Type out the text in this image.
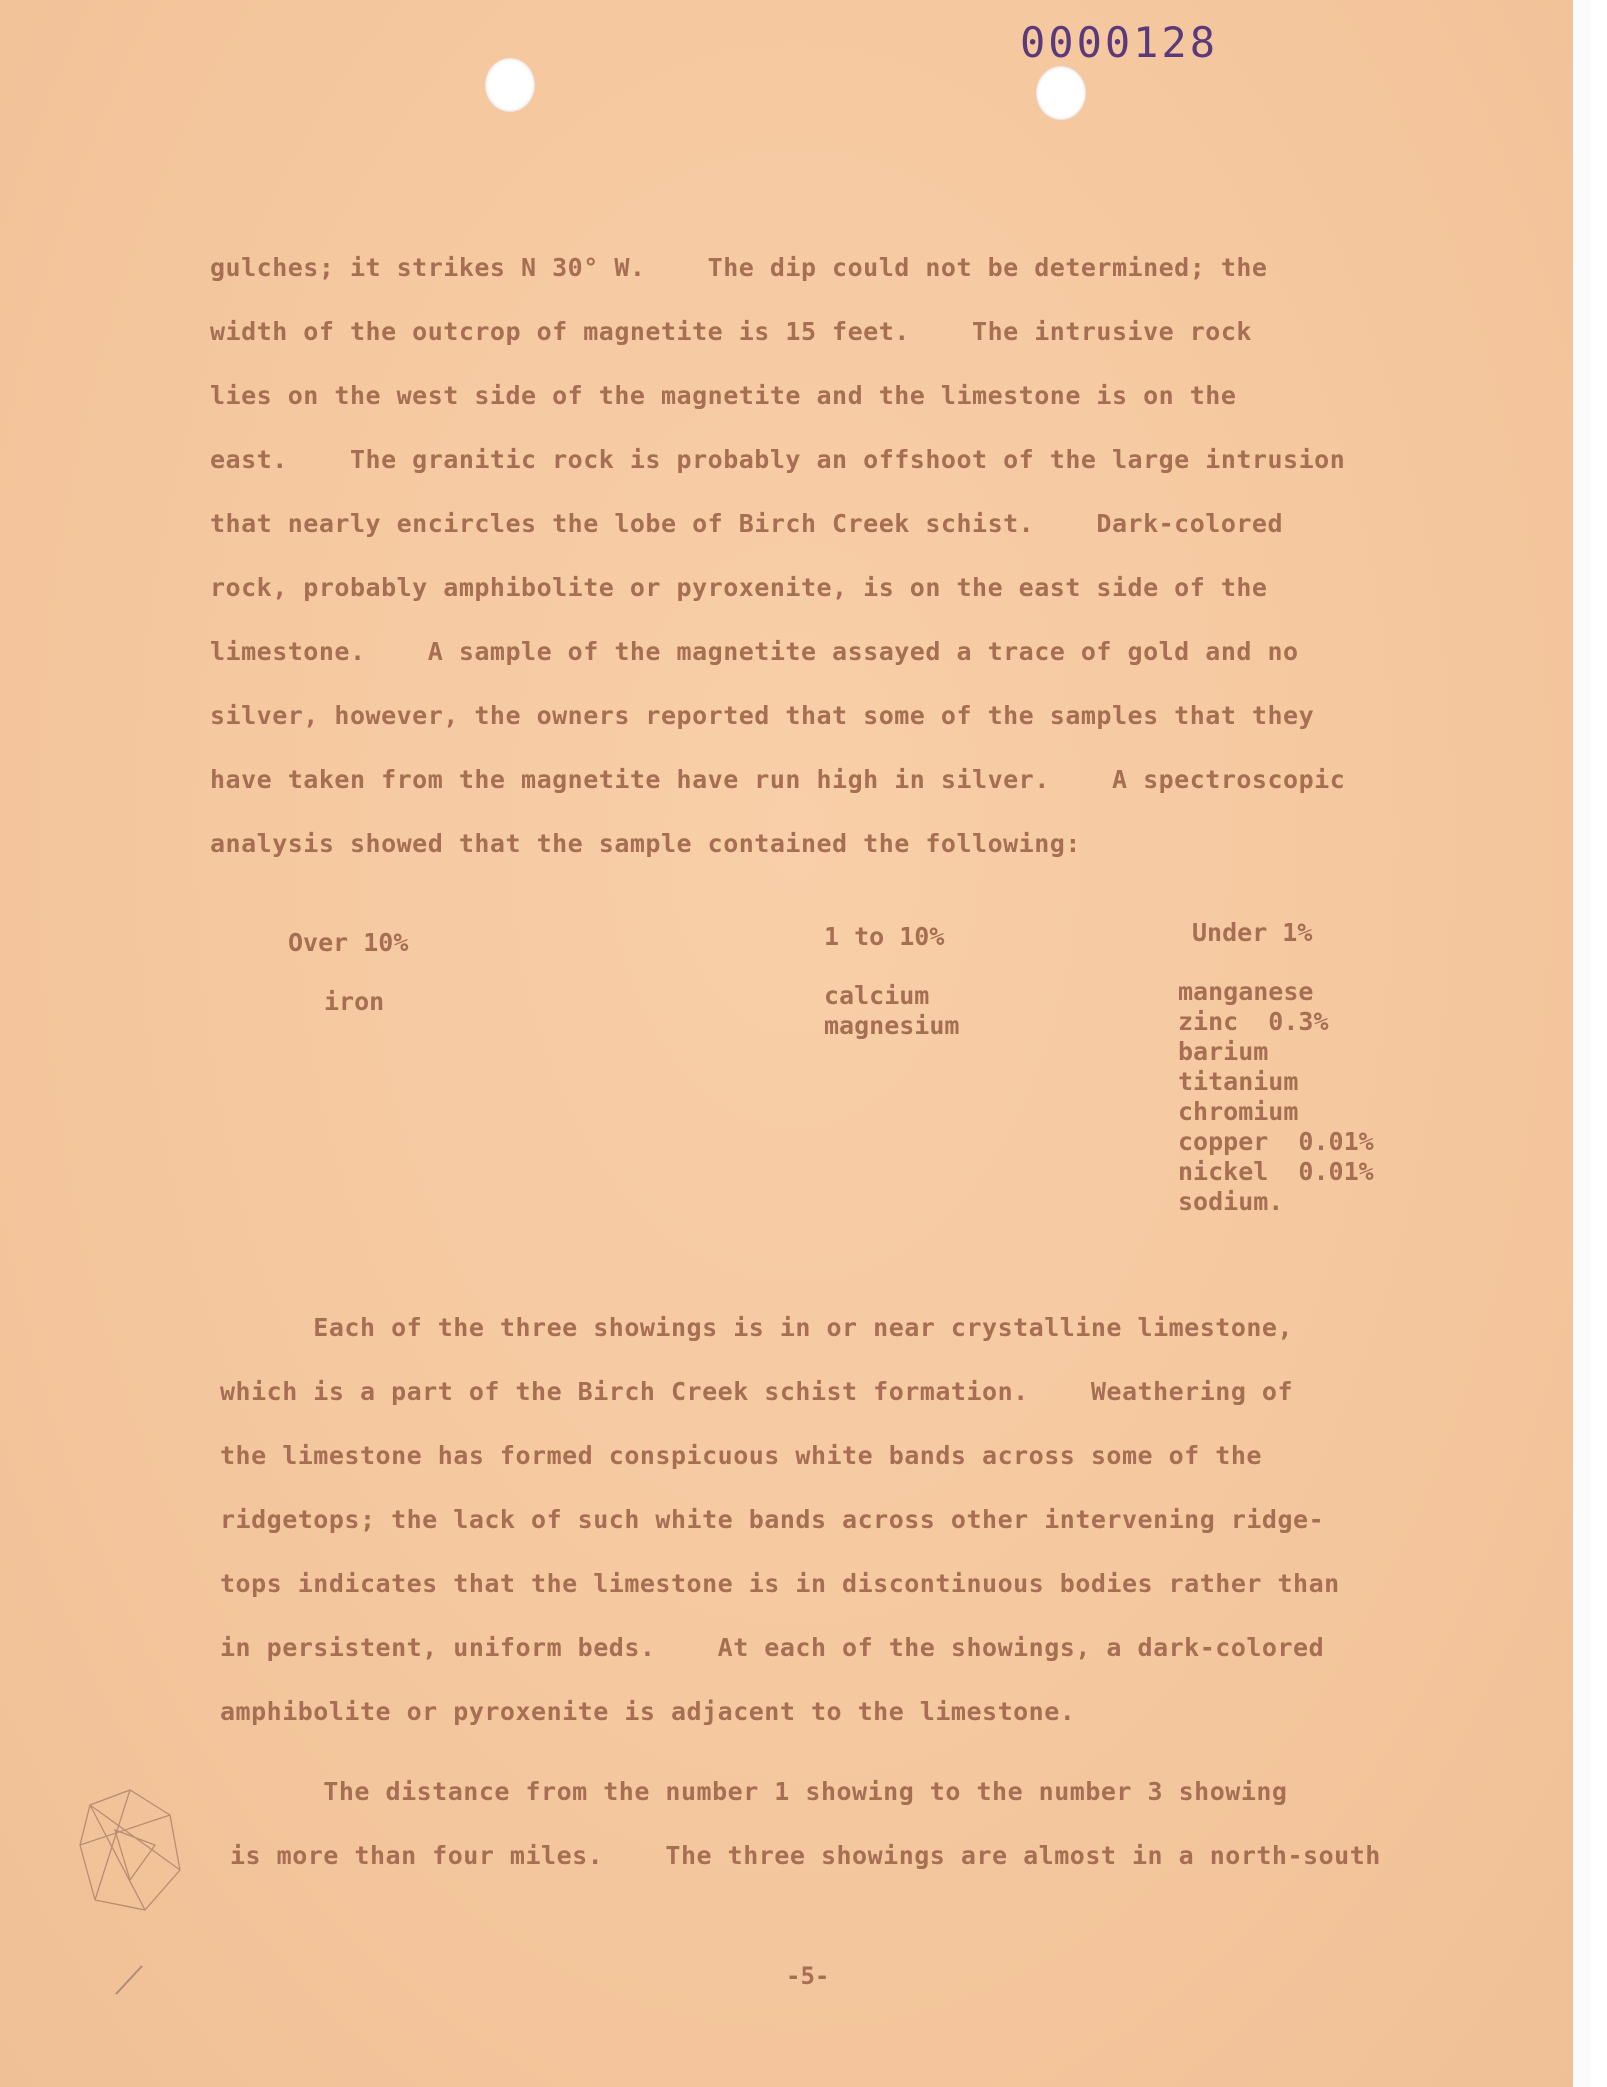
0000128
gulches; it strikes N 30° W.    The dip could not be determined; the
width of the outcrop of magnetite is 15 feet.    The intrusive rock
lies on the west side of the magnetite and the limestone is on the
east.    The granitic rock is probably an offshoot of the large intrusion
that nearly encircles the lobe of Birch Creek schist.    Dark-colored
rock, probably amphibolite or pyroxenite, is on the east side of the
limestone.    A sample of the magnetite assayed a trace of gold and no
silver, however, the owners reported that some of the samples that they
have taken from the magnetite have run high in silver.    A spectroscopic
analysis showed that the sample contained the following:
Over 10%
iron
1 to 10%
calcium
magnesium
Under 1%
manganese
zinc  0.3%
barium
titanium
chromium
copper  0.01%
nickel  0.01%
sodium.
Each of the three showings is in or near crystalline limestone,
which is a part of the Birch Creek schist formation.    Weathering of
the limestone has formed conspicuous white bands across some of the
ridgetops; the lack of such white bands across other intervening ridge-
tops indicates that the limestone is in discontinuous bodies rather than
in persistent, uniform beds.    At each of the showings, a dark-colored
amphibolite or pyroxenite is adjacent to the limestone.
The distance from the number 1 showing to the number 3 showing
is more than four miles.    The three showings are almost in a north-south
-5-
